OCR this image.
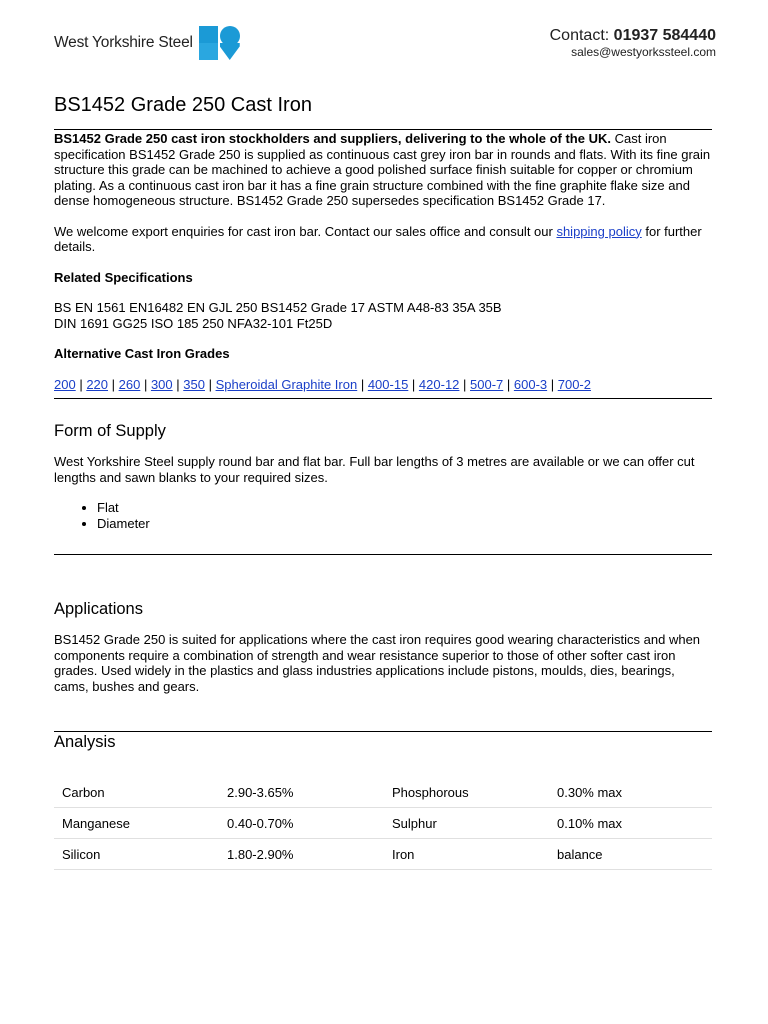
West Yorkshire Steel	Contact: 01937 584440
sales@westyorkssteel.com
BS1452 Grade 250 Cast Iron

BS1452 Grade 250 cast iron stockholders and suppliers, delivering to the whole of the UK. Cast iron specification BS1452 Grade 250 is supplied as continuous cast grey iron bar in rounds and flats. With its fine grain structure this grade can be machined to achieve a good polished surface finish suitable for copper or chromium plating. As a continuous cast iron bar it has a fine grain structure combined with the fine graphite flake size and dense homogeneous structure. BS1452 Grade 250 supersedes specification BS1452 Grade 17.

We welcome export enquiries for cast iron bar. Contact our sales office and consult our shipping policy for further details.

Related Specifications

BS EN 1561 EN16482 EN GJL 250 BS1452 Grade 17 ASTM A48-83 35A 35B

DIN 1691 GG25 ISO 185 250 NFA32-101 Ft25D

Alternative Cast Iron Grades

200 | 220 | 260 | 300 | 350 | Spheroidal Graphite Iron | 400-15 | 420-12 | 500-7 | 600-3 | 700-2

Form of Supply

West Yorkshire Steel supply round bar and flat bar. Full bar lengths of 3 metres are available or we can offer cut lengths and sawn blanks to your required sizes.

• Flat
• Diameter
Applications

BS1452 Grade 250 is suited for applications where the cast iron requires good wearing characteristics and when components require a combination of strength and wear resistance superior to those of other softer cast iron grades. Used widely in the plastics and glass industries applications include pistons, moulds, dies, bearings, cams, bushes and gears.

Analysis
Carbon	2.90-3.65%	Phosphorous	0.30% max
Manganese	0.40-0.70%	Sulphur	0.10% max
Silicon	1.80-2.90%	Iron	balance
